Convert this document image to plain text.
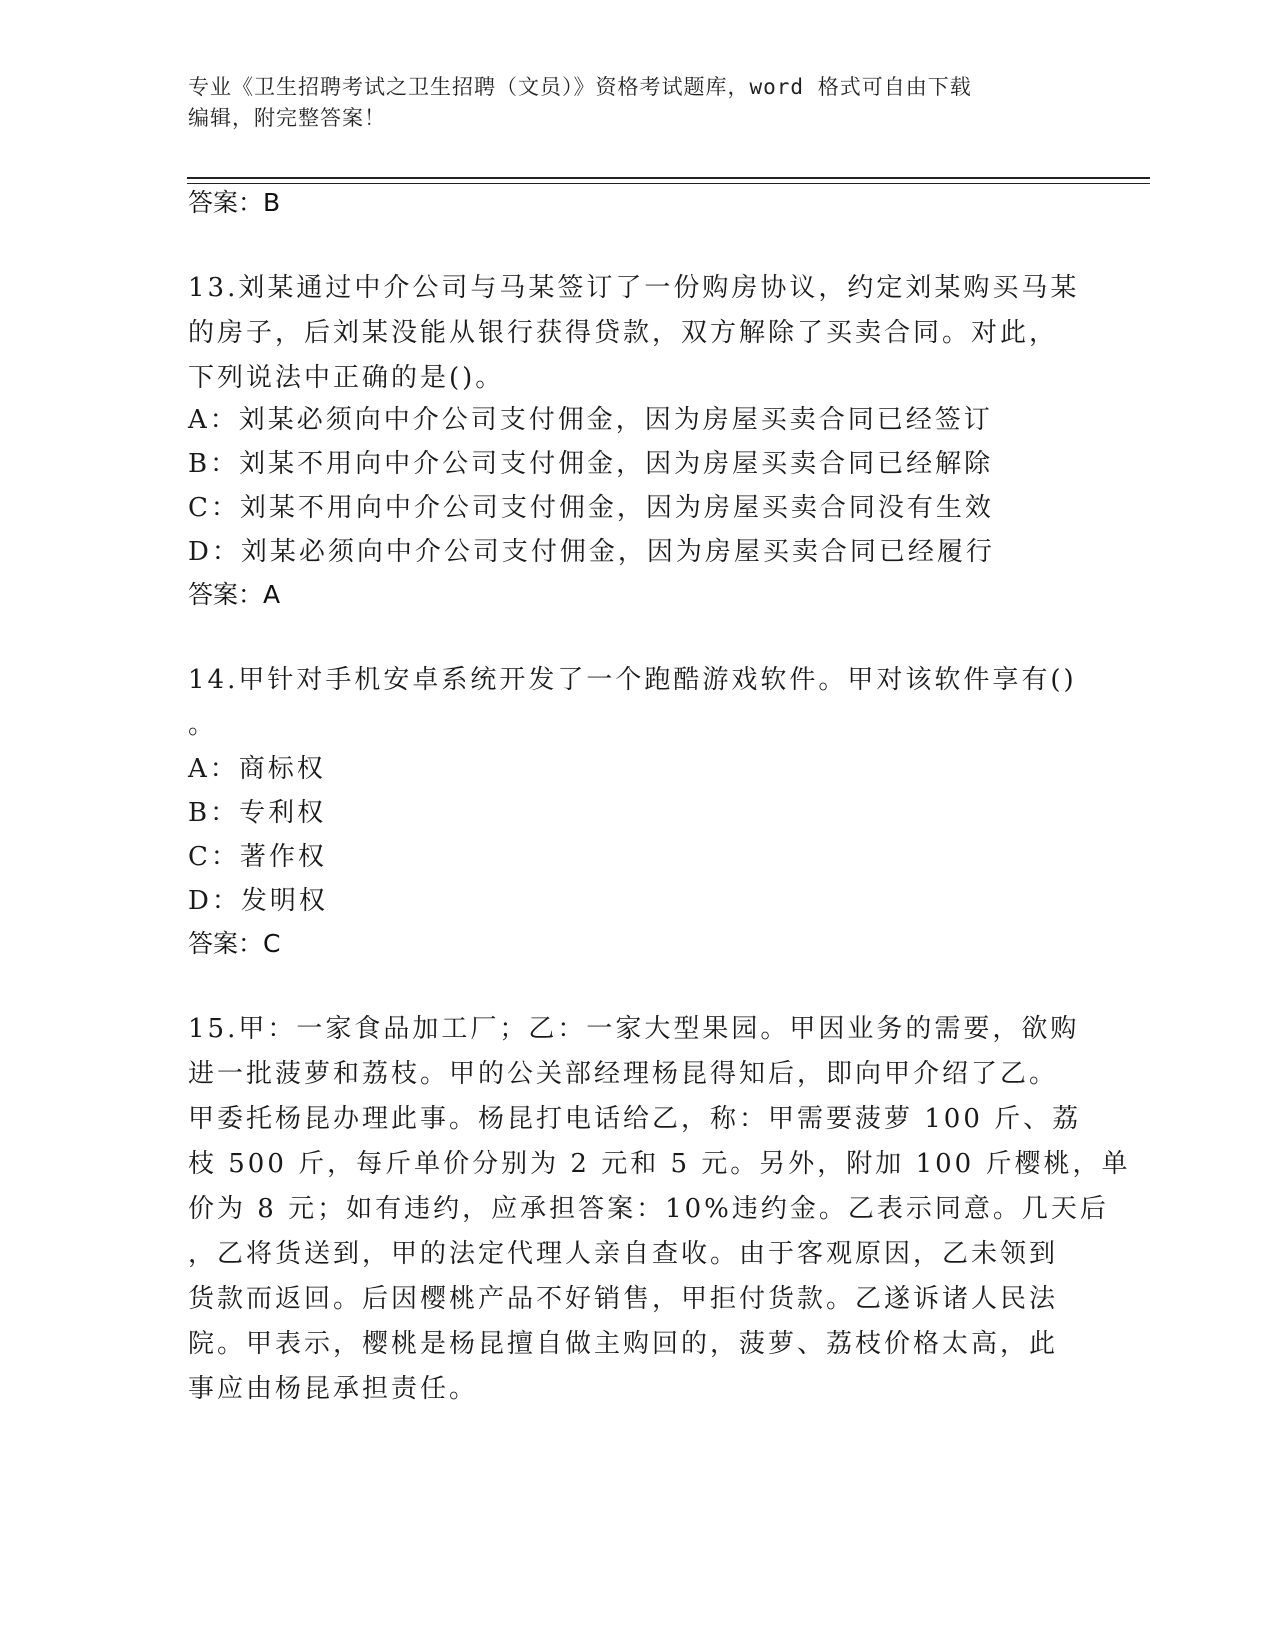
专业《卫生招聘考试之卫生招聘（文员）》资格考试题库，word 格式可自由下载
编辑，附完整答案！
答案：B
13.刘某通过中介公司与马某签订了一份购房协议，约定刘某购买马某
的房子，后刘某没能从银行获得贷款，双方解除了买卖合同。对此，
下列说法中正确的是()。
A：刘某必须向中介公司支付佣金，因为房屋买卖合同已经签订
B：刘某不用向中介公司支付佣金，因为房屋买卖合同已经解除
C：刘某不用向中介公司支付佣金，因为房屋买卖合同没有生效
D：刘某必须向中介公司支付佣金，因为房屋买卖合同已经履行
答案：A
14.甲针对手机安卓系统开发了一个跑酷游戏软件。甲对该软件享有()
。
A：商标权
B：专利权
C：著作权
D：发明权
答案：C
15.甲：一家食品加工厂；乙：一家大型果园。甲因业务的需要，欲购
进一批菠萝和荔枝。甲的公关部经理杨昆得知后，即向甲介绍了乙。
甲委托杨昆办理此事。杨昆打电话给乙，称：甲需要菠萝 100 斤、荔
枝 500 斤，每斤单价分别为 2 元和 5 元。另外，附加 100 斤樱桃，单
价为 8 元；如有违约，应承担答案：10%违约金。乙表示同意。几天后
，乙将货送到，甲的法定代理人亲自查收。由于客观原因，乙未领到
货款而返回。后因樱桃产品不好销售，甲拒付货款。乙遂诉诸人民法
院。甲表示，樱桃是杨昆擅自做主购回的，菠萝、荔枝价格太高，此
事应由杨昆承担责任。
